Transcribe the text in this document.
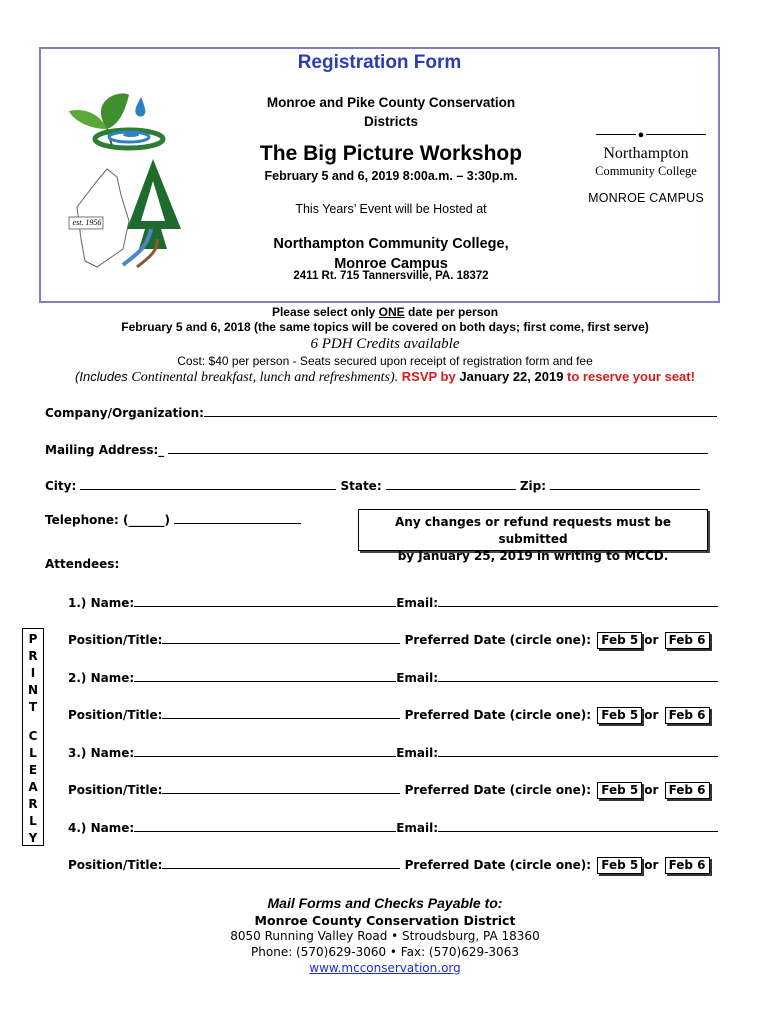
Registration Form
est. 1956
Monroe and Pike County Conservation
Districts
The Big Picture Workshop
February 5 and 6, 2019 8:00a.m. – 3:30p.m.
This Years’ Event will be Hosted at
Northampton Community College,
Monroe Campus
2411 Rt. 715 Tannersville, PA. 18372
●
Northampton
Community College
MONROE CAMPUS
Please select only ONE date per person
February 5 and 6, 2018 (the same topics will be covered on both days; first come, first serve)
6 PDH Credits available
Cost: $40 per person - Seats secured upon receipt of registration form and fee
(Includes Continental breakfast, lunch and refreshments). RSVP by January 22, 2019 to reserve your seat!
Company/Organization:
Mailing Address:_
City:	State:	Zip:
Telephone: (______)	Any changes or refund requests must be submitted
by January 25, 2019 in writing to MCCD.
Attendees:
P
R
I
N
T
C
L
E
A
R
L
Y
1.) Name:	Email:
Position/Title:	Preferred Date (circle one): Feb 5 or Feb 6
2.) Name:	Email:
Position/Title:	Preferred Date (circle one): Feb 5 or Feb 6
3.) Name:	Email:
Position/Title:	Preferred Date (circle one): Feb 5 or Feb 6
4.) Name:	Email:
Position/Title:	Preferred Date (circle one): Feb 5 or Feb 6
Mail Forms and Checks Payable to:
Monroe County Conservation District
8050 Running Valley Road • Stroudsburg, PA 18360
Phone: (570)629-3060 • Fax: (570)629-3063
www.mcconservation.org
